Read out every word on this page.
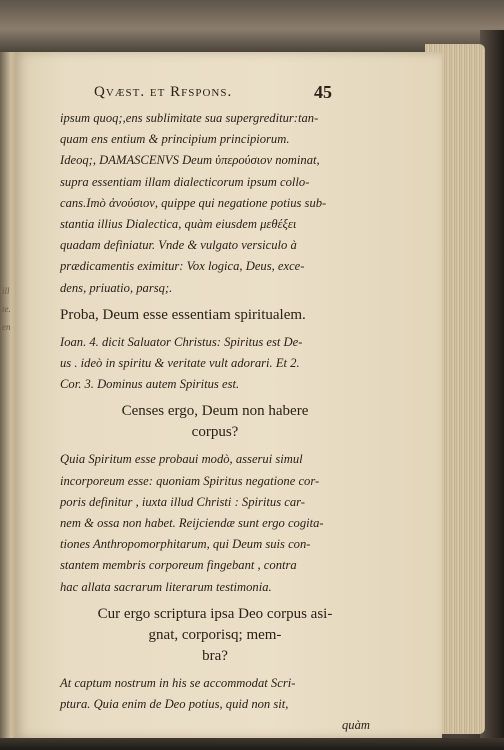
ill
te.
en
Qvæst. et Rfspons.	45

ipsum quoq;,ens sublimitate sua supergreditur:tan-

quam ens entium & principium principiorum.

Ideoq;, DAMASCENVS Deum ὑπερούσιον nominat,

supra essentiam illam dialecticorum ipsum collo-

cans.Imò ἀνούσιον, quippe qui negatione potius sub-

stantia illius Dialectica, quàm eiusdem μεθέξει

quadam definiatur. Vnde & vulgato versiculo à

prædicamentis eximitur: Vox logica, Deus, exce-

dens, priuatio, parsq;.

Proba, Deum esse essentiam spiritualem.

Ioan. 4. dicit Saluator Christus: Spiritus est De-

us . ideò in spiritu & veritate vult adorari. Et 2.

Cor. 3. Dominus autem Spiritus est.

Censes ergo, Deum non habere

corpus?

Quia Spiritum esse probaui modò, asserui simul

incorporeum esse: quoniam Spiritus negatione cor-

poris definitur , iuxta illud Christi : Spiritus car-

nem & ossa non habet. Reijciendæ sunt ergo cogita-

tiones Anthropomorphitarum, qui Deum suis con-

stantem membris corporeum fingebant , contra

hac allata sacrarum literarum testimonia.

Cur ergo scriptura ipsa Deo corpus asi-

gnat, corporisq; mem-

bra?

At captum nostrum in his se accommodat Scri-

ptura. Quia enim de Deo potius, quid non sit,

quàm
